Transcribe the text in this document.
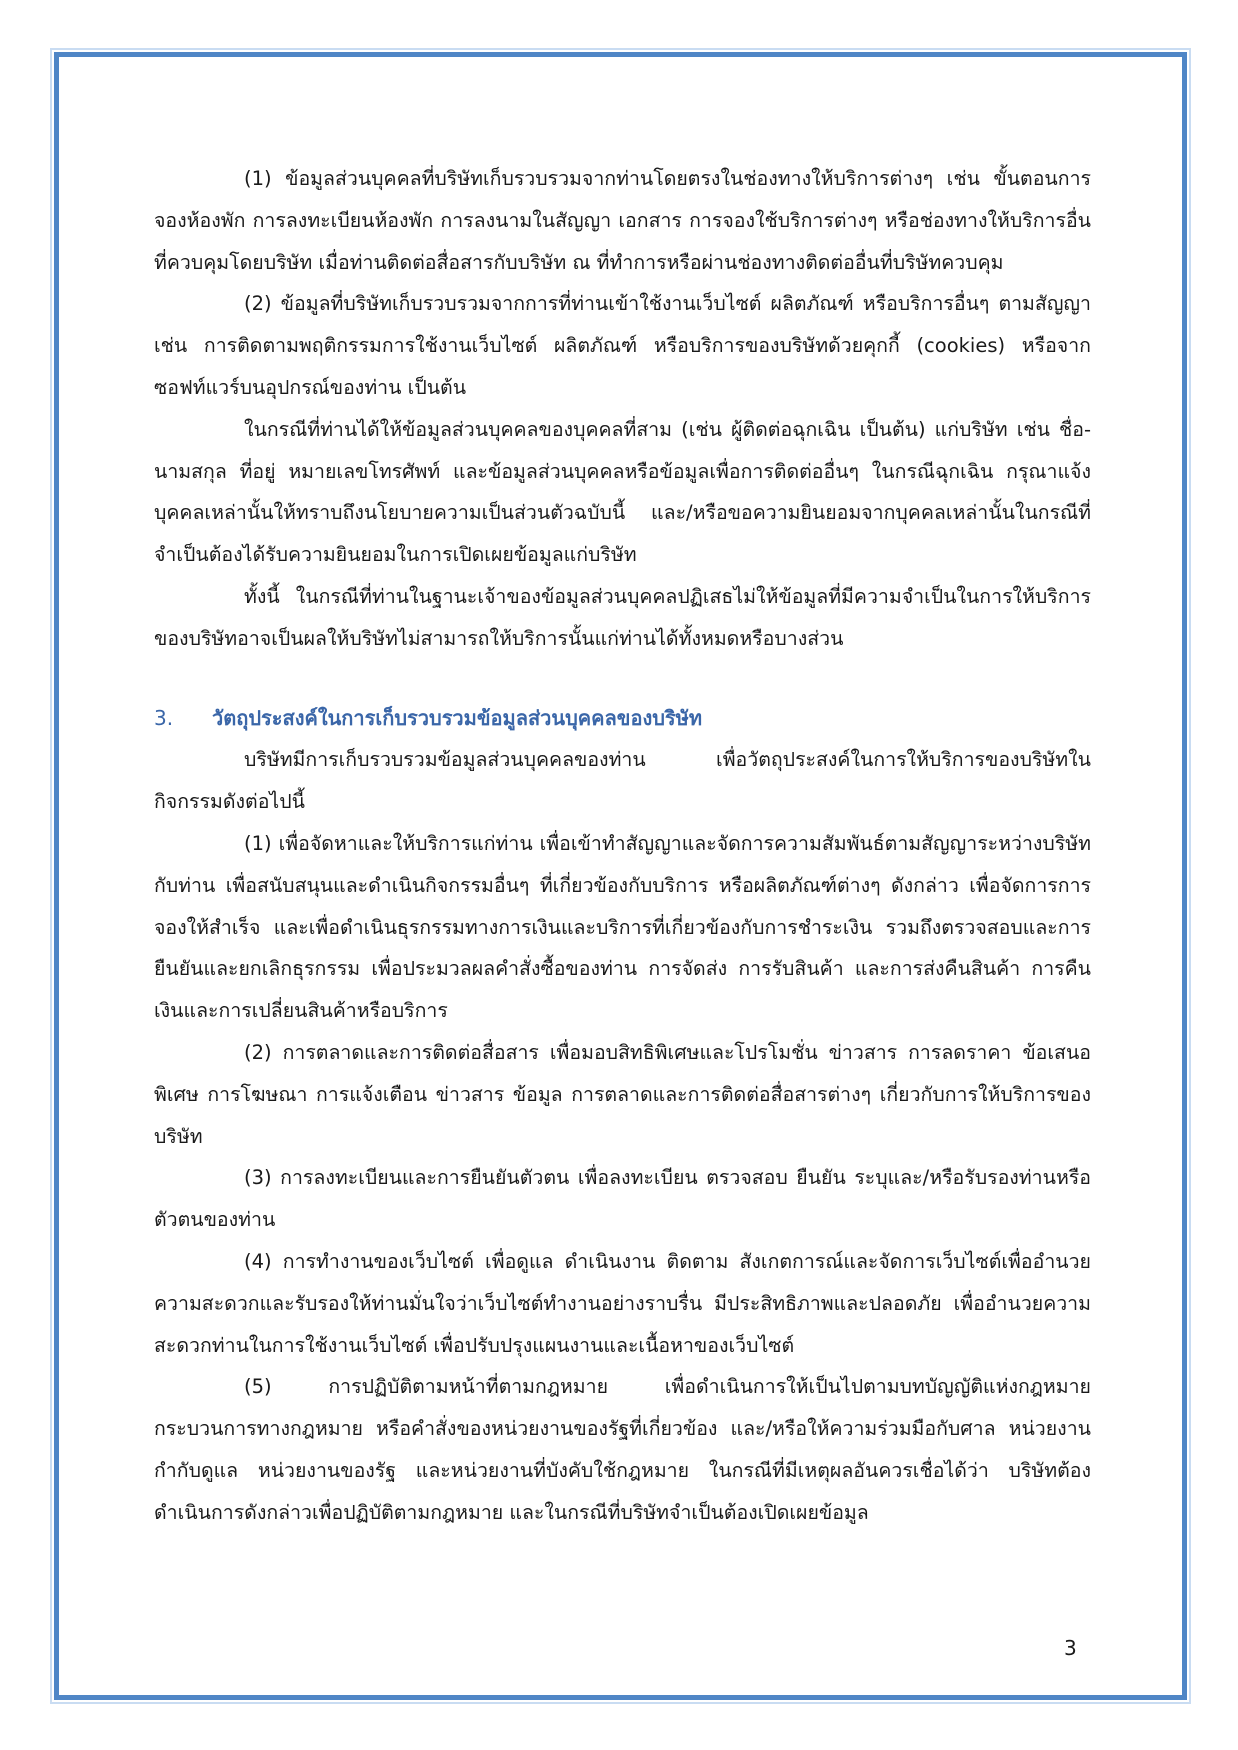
(1) ข้อมูลส่วนบุคคลที่บริษัทเก็บรวบรวมจากท่านโดยตรงในช่องทางให้บริการต่างๆ เช่น ขั้นตอนการจองห้องพัก การลงทะเบียนห้องพัก การลงนามในสัญญา เอกสาร การจองใช้บริการต่างๆ หรือช่องทางให้บริการอื่นที่ควบคุมโดยบริษัท เมื่อท่านติดต่อสื่อสารกับบริษัท ณ ที่ทำการหรือผ่านช่องทางติดต่ออื่นที่บริษัทควบคุม

(2) ข้อมูลที่บริษัทเก็บรวบรวมจากการที่ท่านเข้าใช้งานเว็บไซต์ ผลิตภัณฑ์ หรือบริการอื่นๆ ตามสัญญา เช่น การติดตามพฤติกรรมการใช้งานเว็บไซต์ ผลิตภัณฑ์ หรือบริการของบริษัทด้วยคุกกี้ (cookies) หรือจากซอฟท์แวร์บนอุปกรณ์ของท่าน เป็นต้น

ในกรณีที่ท่านได้ให้ข้อมูลส่วนบุคคลของบุคคลที่สาม (เช่น ผู้ติดต่อฉุกเฉิน เป็นต้น) แก่บริษัท เช่น ชื่อ-นามสกุล ที่อยู่ หมายเลขโทรศัพท์ และข้อมูลส่วนบุคคลหรือข้อมูลเพื่อการติดต่ออื่นๆ ในกรณีฉุกเฉิน กรุณาแจ้งบุคคลเหล่านั้นให้ทราบถึงนโยบายความเป็นส่วนตัวฉบับนี้ และ/หรือขอความยินยอมจากบุคคลเหล่านั้นในกรณีที่จำเป็นต้องได้รับความยินยอมในการเปิดเผยข้อมูลแก่บริษัท

ทั้งนี้ ในกรณีที่ท่านในฐานะเจ้าของข้อมูลส่วนบุคคลปฏิเสธไม่ให้ข้อมูลที่มีความจำเป็นในการให้บริการของบริษัทอาจเป็นผลให้บริษัทไม่สามารถให้บริการนั้นแก่ท่านได้ทั้งหมดหรือบางส่วน

3.	วัตถุประสงค์ในการเก็บรวบรวมข้อมูลส่วนบุคคลของบริษัท

บริษัทมีการเก็บรวบรวมข้อมูลส่วนบุคคลของท่าน เพื่อวัตถุประสงค์ในการให้บริการของบริษัทในกิจกรรมดังต่อไปนี้

(1) เพื่อจัดหาและให้บริการแก่ท่าน เพื่อเข้าทำสัญญาและจัดการความสัมพันธ์ตามสัญญาระหว่างบริษัทกับท่าน เพื่อสนับสนุนและดำเนินกิจกรรมอื่นๆ ที่เกี่ยวข้องกับบริการ หรือผลิตภัณฑ์ต่างๆ ดังกล่าว เพื่อจัดการการจองให้สำเร็จ และเพื่อดำเนินธุรกรรมทางการเงินและบริการที่เกี่ยวข้องกับการชำระเงิน รวมถึงตรวจสอบและการยืนยันและยกเลิกธุรกรรม เพื่อประมวลผลคำสั่งซื้อของท่าน การจัดส่ง การรับสินค้า และการส่งคืนสินค้า การคืนเงินและการเปลี่ยนสินค้าหรือบริการ

(2) การตลาดและการติดต่อสื่อสาร เพื่อมอบสิทธิพิเศษและโปรโมชั่น ข่าวสาร การลดราคา ข้อเสนอพิเศษ การโฆษณา การแจ้งเตือน ข่าวสาร ข้อมูล การตลาดและการติดต่อสื่อสารต่างๆ เกี่ยวกับการให้บริการของบริษัท

(3) การลงทะเบียนและการยืนยันตัวตน เพื่อลงทะเบียน ตรวจสอบ ยืนยัน ระบุและ/หรือรับรองท่านหรือตัวตนของท่าน

(4) การทำงานของเว็บไซต์ เพื่อดูแล ดำเนินงาน ติดตาม สังเกตการณ์และจัดการเว็บไซต์เพื่ออำนวยความสะดวกและรับรองให้ท่านมั่นใจว่าเว็บไซต์ทำงานอย่างราบรื่น มีประสิทธิภาพและปลอดภัย เพื่ออำนวยความสะดวกท่านในการใช้งานเว็บไซต์ เพื่อปรับปรุงแผนงานและเนื้อหาของเว็บไซต์

(5) การปฏิบัติตามหน้าที่ตามกฎหมาย เพื่อดำเนินการให้เป็นไปตามบทบัญญัติแห่งกฎหมาย กระบวนการทางกฎหมาย หรือคำสั่งของหน่วยงานของรัฐที่เกี่ยวข้อง และ/หรือให้ความร่วมมือกับศาล หน่วยงานกำกับดูแล หน่วยงานของรัฐ และหน่วยงานที่บังคับใช้กฎหมาย ในกรณีที่มีเหตุผลอันควรเชื่อได้ว่า บริษัทต้องดำเนินการดังกล่าวเพื่อปฏิบัติตามกฎหมาย และในกรณีที่บริษัทจำเป็นต้องเปิดเผยข้อมูล

3
